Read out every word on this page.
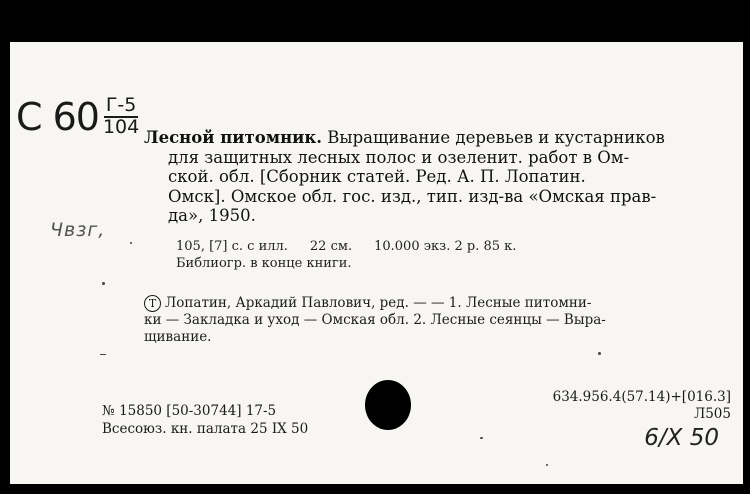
С $60 \frac{Г-5}{104}$
Чвзг,
Лесной питомник. Выращивание деревьев и кустарников
для защитных лесных полос и озеленит. работ в Ом-
ской. обл. [Сборник статей. Ред. А. П. Лопатин.
Омск]. Омское обл. гос. изд., тип. изд-ва «Омская прав-
да», 1950.
105, [7] с. с илл. 22 см. 10.000 экз. 2 р. 85 к.
Библиогр. в конце книги.
Т Лопатин, Аркадий Павлович, ред. — — 1. Лесные питомни-
ки — Закладка и уход — Омская обл. 2. Лесные сеянцы — Выра-
щивание.
№ 15850 [50-30744] 17-5
Всесоюз. кн. палата 25 IX 50
634.956.4(57.14)+[016.3]
Л505
6/Х 50
